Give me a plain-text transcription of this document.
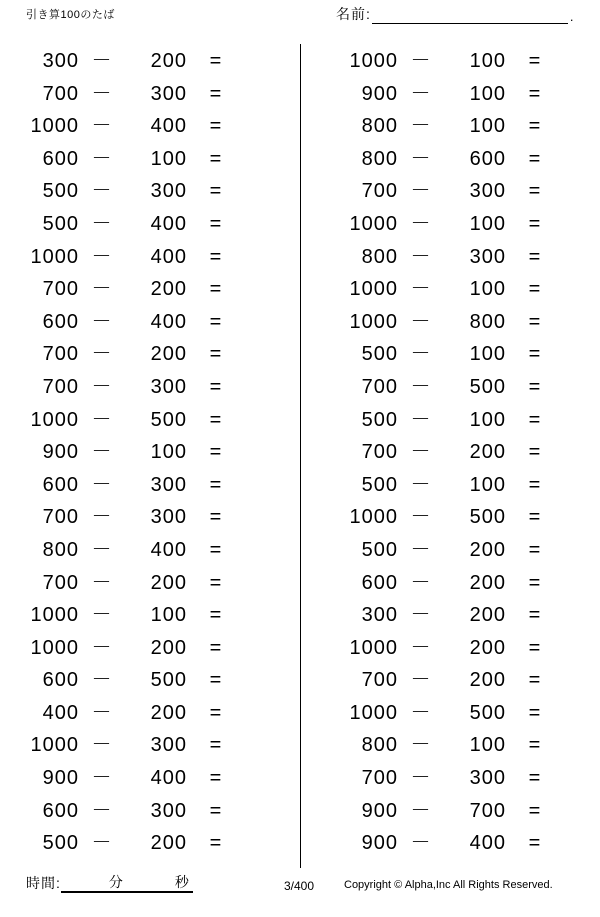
引き算100のたば	名前:	.
300 －	200	=
700 －	300	=
1000 －	400	=
600 －	100	=
500 －	300	=
500 －	400	=
1000 －	400	=
700 －	200	=
600 －	400	=
700 －	200	=
700 －	300	=
1000 －	500	=
900 －	100	=
600 －	300	=
700 －	300	=
800 －	400	=
700 －	200	=
1000 －	100	=
1000 －	200	=
600 －	500	=
400 －	200	=
1000 －	300	=
900 －	400	=
600 －	300	=
500 －	200	=
1000 －	100	=
900 －	100	=
800 －	100	=
800 －	600	=
700 －	300	=
1000 －	100	=
800 －	300	=
1000 －	100	=
1000 －	800	=
500 －	100	=
700 －	500	=
500 －	100	=
700 －	200	=
500 －	100	=
1000 －	500	=
500 －	200	=
600 －	200	=
300 －	200	=
1000 －	200	=
700 －	200	=
1000 －	500	=
800 －	100	=
700 －	300	=
900 －	700	=
900 －	400	=
時間:	分	秒	3/400	Copyright © Alpha,Inc All Rights Reserved.
